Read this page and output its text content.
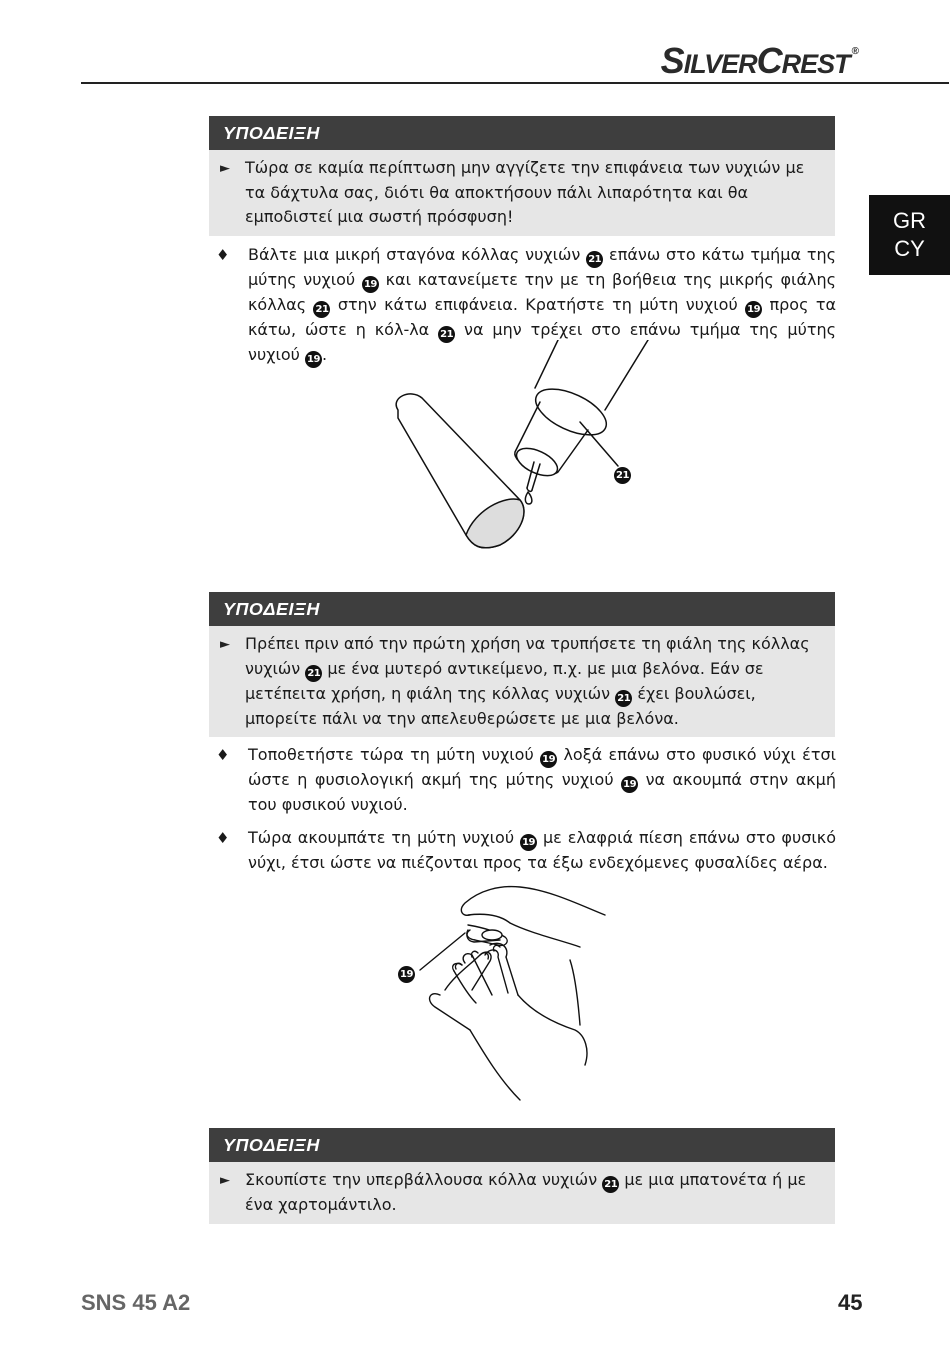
SILVERCREST ®
GR
CY
ΥΠΟΔΕΙΞΗ
► Τώρα σε καμία περίπτωση μην αγγίζετε την επιφάνεια των νυχιών με τα δάχτυλα σας, διότι θα αποκτήσουν πάλι λιπαρότητα και θα εμποδιστεί μια σωστή πρόσφυση!
♦ Βάλτε μια μικρή σταγόνα κόλλας νυχιών 21 επάνω στο κάτω τμήμα της μύτης νυχιού 19 και κατανείμετε την με τη βοήθεια της μικρής φιάλης κόλλας 21 στην κάτω επιφάνεια. Κρατήστε τη μύτη νυχιού 19 προς τα κάτω, ώστε η κόλ-λα 21 να μην τρέχει στο επάνω τμήμα της μύτης νυχιού 19 .
21
ΥΠΟΔΕΙΞΗ
► Πρέπει πριν από την πρώτη χρήση να τρυπήσετε τη φιάλη της κόλλας νυχιών 21 με ένα μυτερό αντικείμενο, π.χ. με μια βελόνα. Εάν σε μετέπειτα χρήση, η φιάλη της κόλλας νυχιών 21 έχει βουλώσει, μπορείτε πάλι να την απελευθερώσετε με μια βελόνα.
♦ Τοποθετήστε τώρα τη μύτη νυχιού 19 λοξά επάνω στο φυσικό νύχι έτσι ώστε η φυσιολογική ακμή της μύτης νυχιού 19 να ακουμπά στην ακμή του φυσικού νυχιού.
♦ Τώρα ακουμπάτε τη μύτη νυχιού 19 με ελαφριά πίεση επάνω στο φυσικό νύχι, έτσι ώστε να πιέζονται προς τα έξω ενδεχόμενες φυσαλίδες αέρα.
19
ΥΠΟΔΕΙΞΗ
► Σκουπίστε την υπερβάλλουσα κόλλα νυχιών 21 με μια μπατονέτα ή με ένα χαρτομάντιλο.
SNS 45 A2	45
